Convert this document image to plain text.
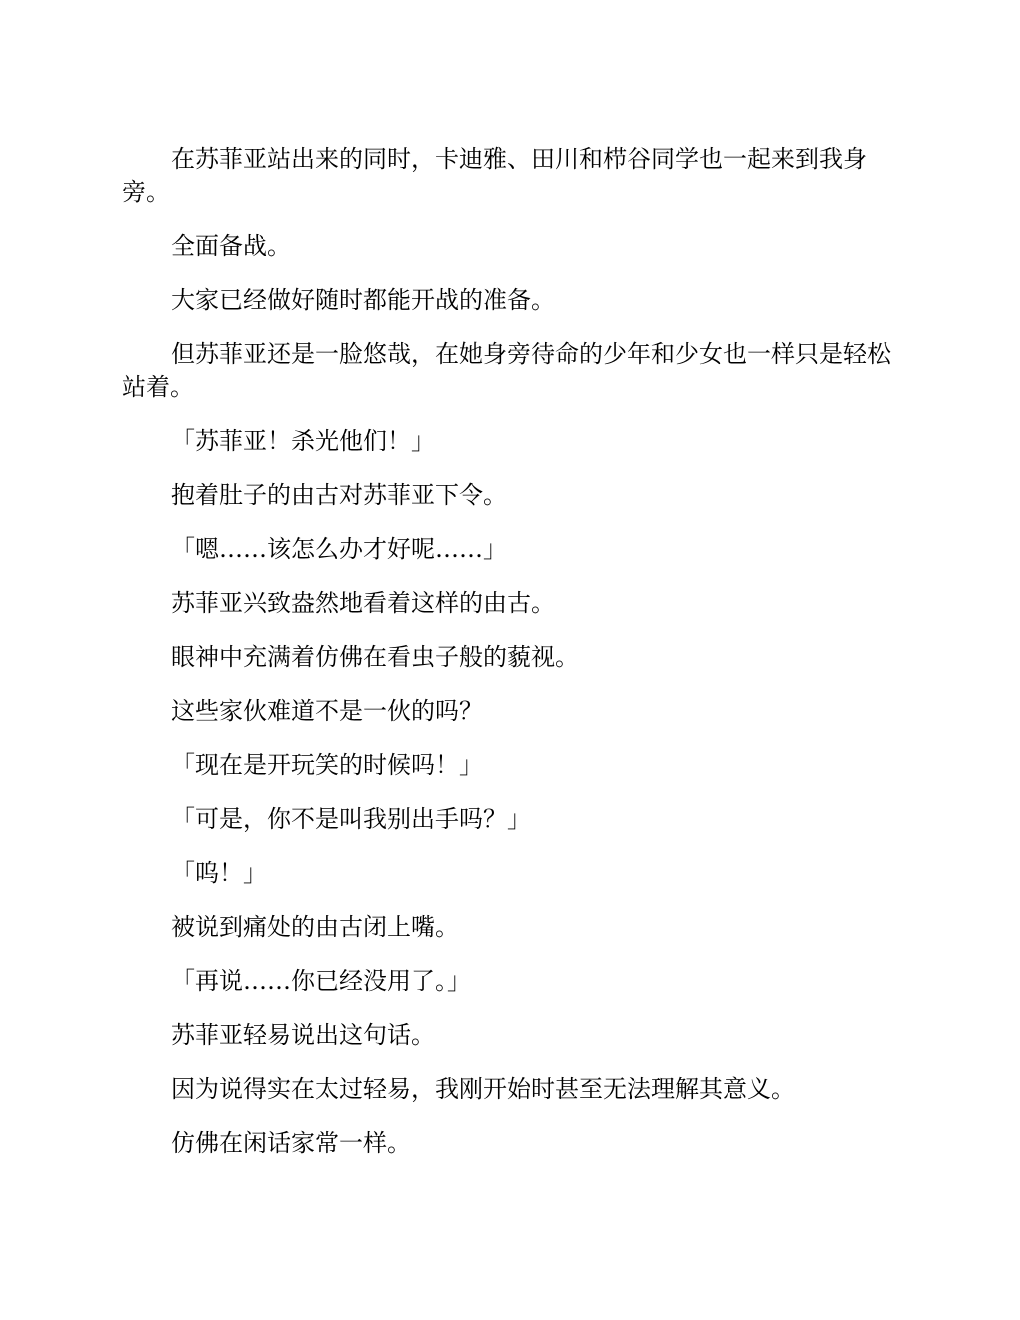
在苏菲亚站出来的同时，卡迪雅、田川和栉谷同学也一起来到我身旁。

全面备战。

大家已经做好随时都能开战的准备。

但苏菲亚还是一脸悠哉，在她身旁待命的少年和少女也一样只是轻松站着。

「苏菲亚！杀光他们！」

抱着肚子的由古对苏菲亚下令。

「嗯……该怎么办才好呢……」

苏菲亚兴致盎然地看着这样的由古。

眼神中充满着仿佛在看虫子般的藐视。

这些家伙难道不是一伙的吗？

「现在是开玩笑的时候吗！」

「可是，你不是叫我别出手吗？」

「呜！」

被说到痛处的由古闭上嘴。

「再说……你已经没用了。」

苏菲亚轻易说出这句话。

因为说得实在太过轻易，我刚开始时甚至无法理解其意义。

仿佛在闲话家常一样。
